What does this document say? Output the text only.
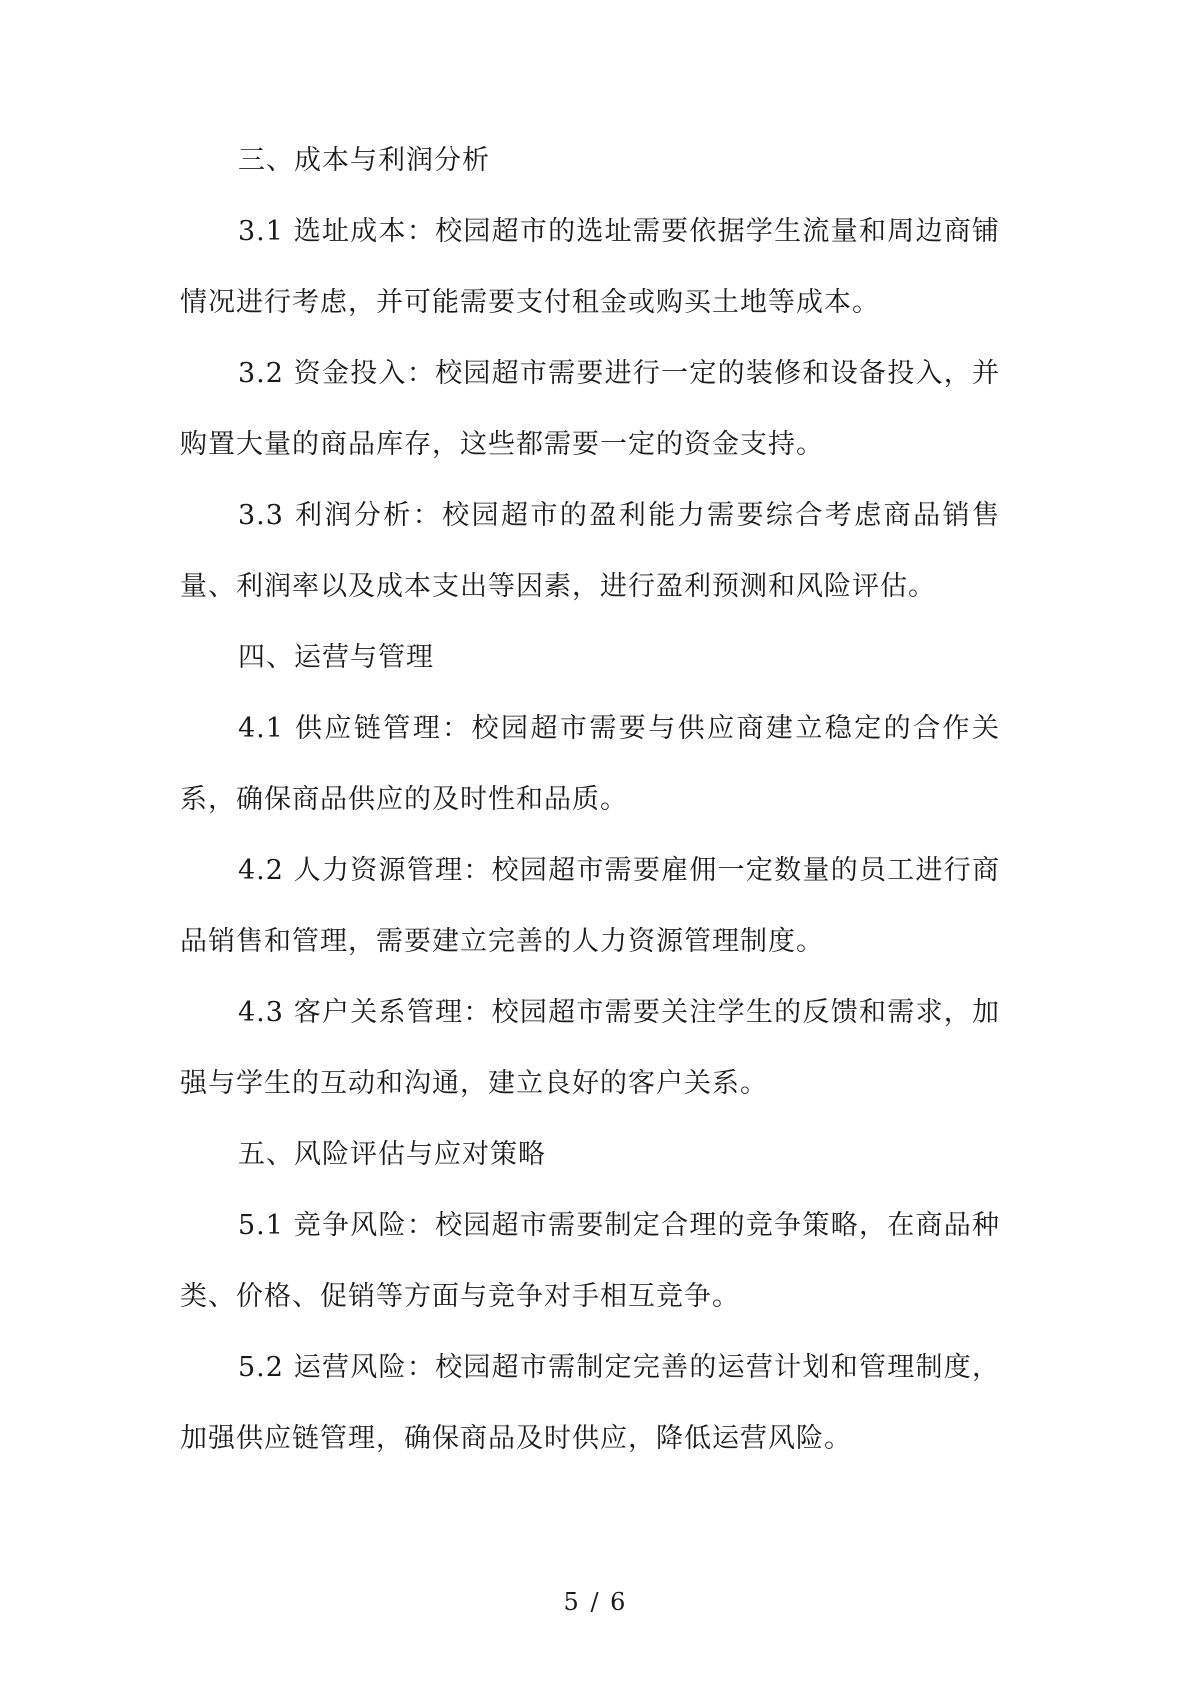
三、成本与利润分析

3.1 选址成本：校园超市的选址需要依据学生流量和周边商铺情况进行考虑，并可能需要支付租金或购买土地等成本。

3.2 资金投入：校园超市需要进行一定的装修和设备投入，并购置大量的商品库存，这些都需要一定的资金支持。

3.3 利润分析：校园超市的盈利能力需要综合考虑商品销售量、利润率以及成本支出等因素，进行盈利预测和风险评估。

四、运营与管理

4.1 供应链管理：校园超市需要与供应商建立稳定的合作关系，确保商品供应的及时性和品质。

4.2 人力资源管理：校园超市需要雇佣一定数量的员工进行商品销售和管理，需要建立完善的人力资源管理制度。

4.3 客户关系管理：校园超市需要关注学生的反馈和需求，加强与学生的互动和沟通，建立良好的客户关系。

五、风险评估与应对策略

5.1 竞争风险：校园超市需要制定合理的竞争策略，在商品种类、价格、促销等方面与竞争对手相互竞争。

5.2 运营风险：校园超市需制定完善的运营计划和管理制度，加强供应链管理，确保商品及时供应，降低运营风险。

5 / 6
